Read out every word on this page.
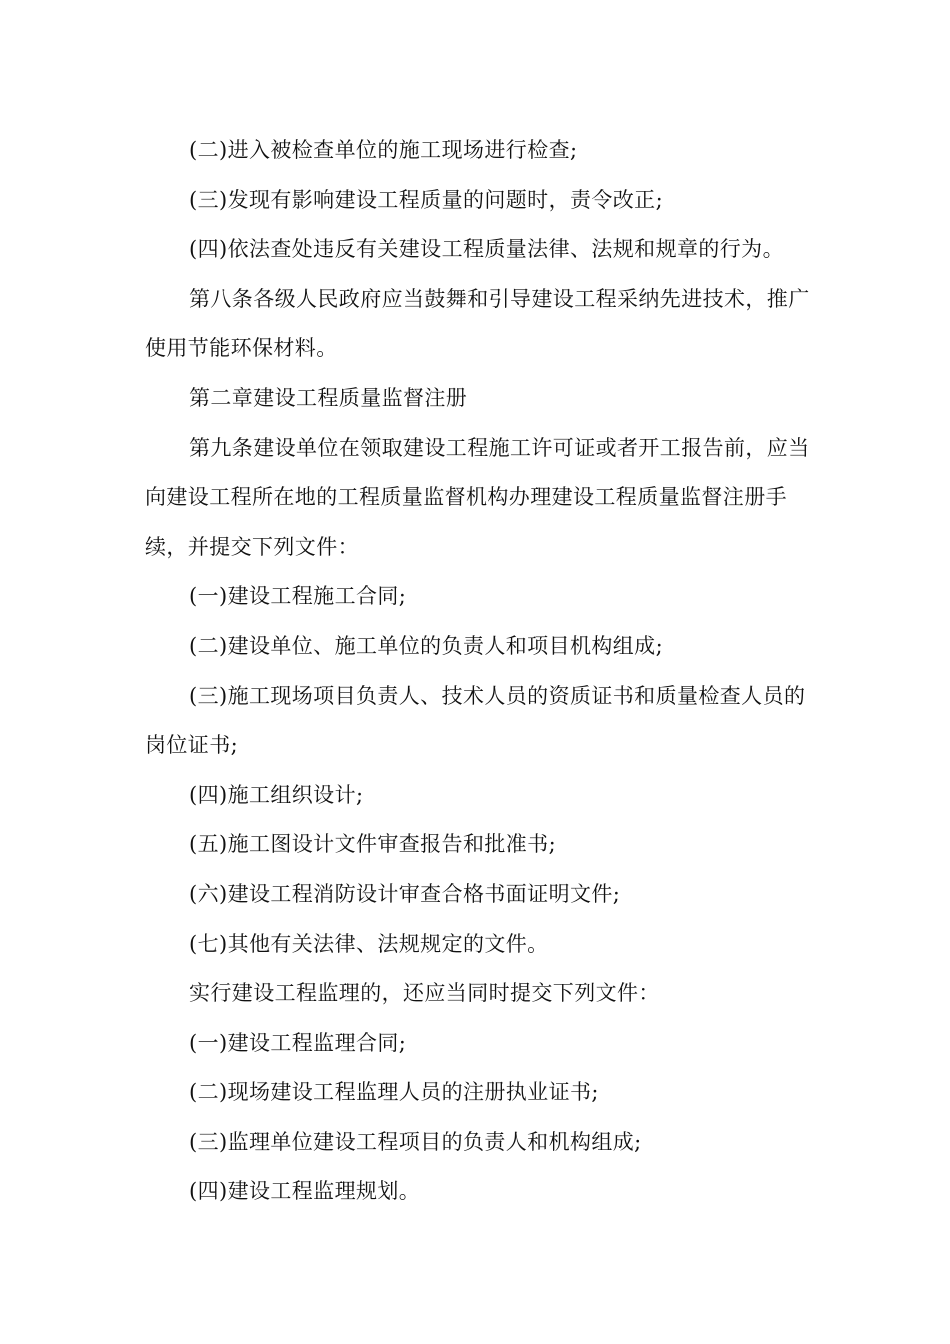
(二)进入被检查单位的施工现场进行检查;

(三)发现有影响建设工程质量的问题时，责令改正;

(四)依法查处违反有关建设工程质量法律、法规和规章的行为。

第八条各级人民政府应当鼓舞和引导建设工程采纳先进技术，推广使用节能环保材料。

第二章建设工程质量监督注册

第九条建设单位在领取建设工程施工许可证或者开工报告前，应当向建设工程所在地的工程质量监督机构办理建设工程质量监督注册手续，并提交下列文件：

(一)建设工程施工合同;

(二)建设单位、施工单位的负责人和项目机构组成;

(三)施工现场项目负责人、技术人员的资质证书和质量检查人员的岗位证书;

(四)施工组织设计;

(五)施工图设计文件审查报告和批准书;

(六)建设工程消防设计审查合格书面证明文件;

(七)其他有关法律、法规规定的文件。

实行建设工程监理的，还应当同时提交下列文件：

(一)建设工程监理合同;

(二)现场建设工程监理人员的注册执业证书;

(三)监理单位建设工程项目的负责人和机构组成;

(四)建设工程监理规划。
